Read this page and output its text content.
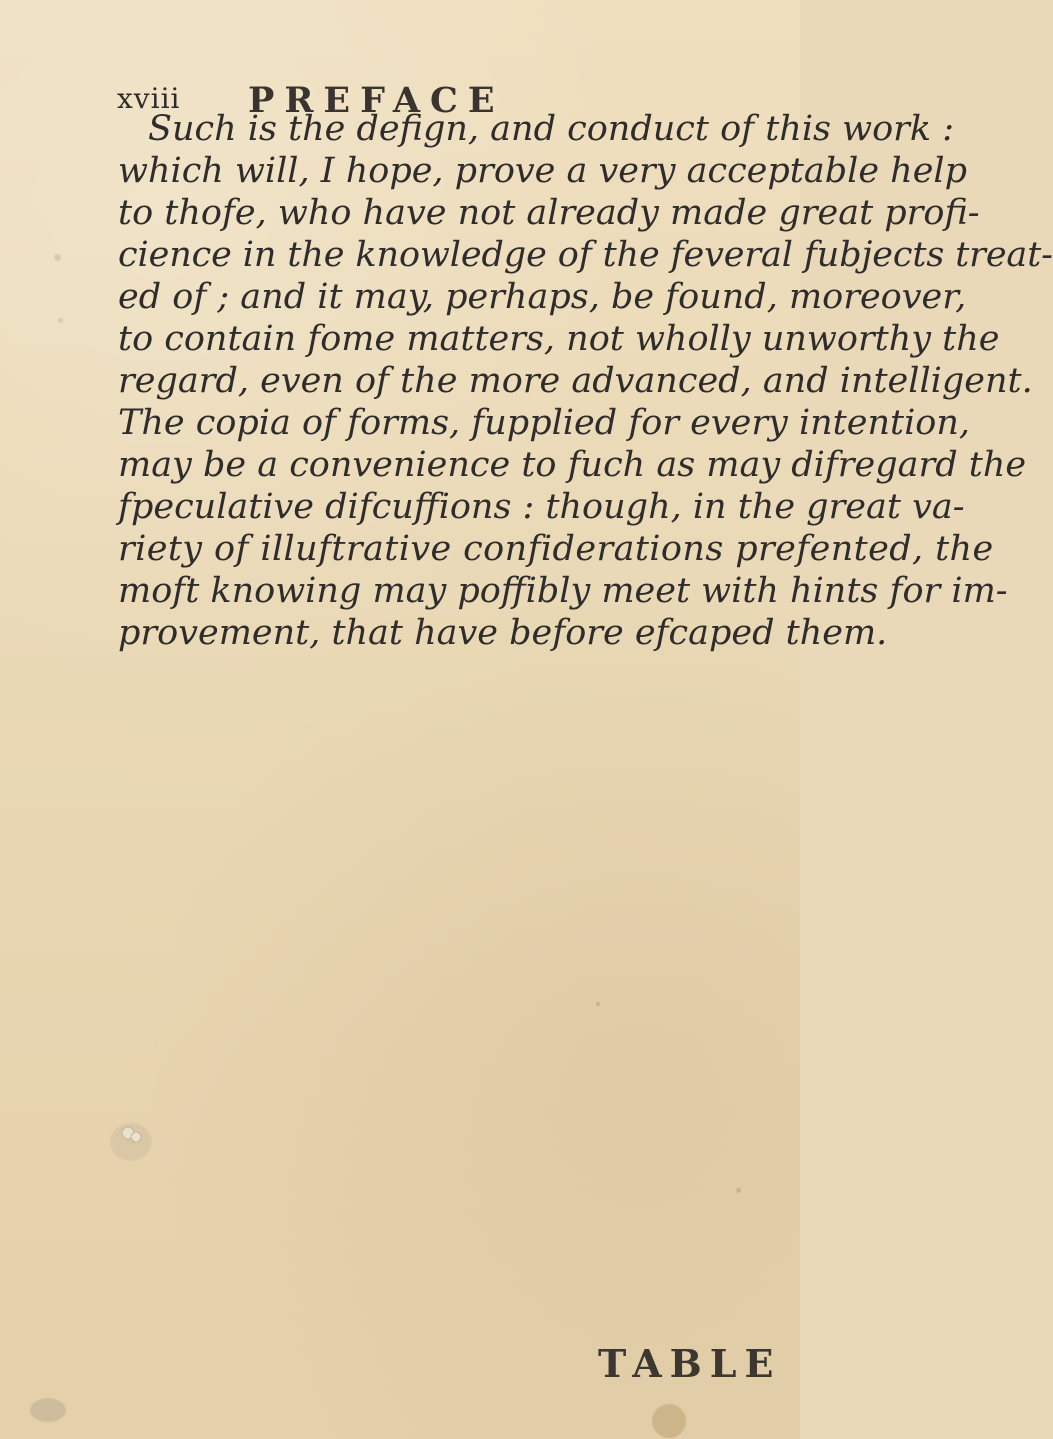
xviii PREFACE
Such is the defign, and conduct of this work :
which will, I hope, prove a very acceptable help
to thofe, who have not already made great profi-
cience in the knowledge of the feveral fubjects treat-
ed of ; and it may, perhaps, be found, moreover,
to contain fome matters, not wholly unworthy the
regard, even of the more advanced, and intelligent.
The copia of forms, fupplied for every intention,
may be a convenience to fuch as may difregard the
fpeculative difcuffions : though, in the great va-
riety of illuftrative confiderations prefented, the
moft knowing may poffibly meet with hints for im-
provement, that have before efcaped them.
TABLE
